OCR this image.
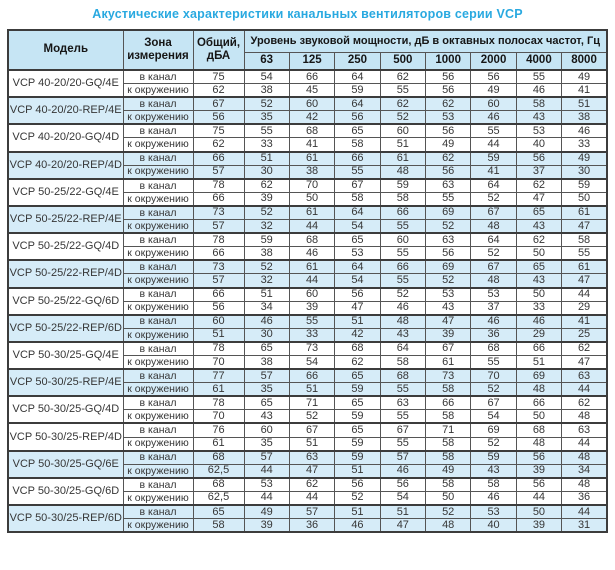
Акустические характеристики канальных вентиляторов серии VCP
Модель	Зона измерения	Общий, дБА	Уровень звуковой мощности, дБ в октавных полосах частот, Гц							
			63	125	250	500	1000	2000	4000	8000
VCP 40-20/20-GQ/4E	в канал	75	54	66	64	62	56	56	55	49
	к окружению	62	38	45	59	55	56	49	46	41
VCP 40-20/20-REP/4E	в канал	67	52	60	64	62	62	60	58	51
	к окружению	56	35	42	56	52	53	46	43	38
VCP 40-20/20-GQ/4D	в канал	75	55	68	65	60	56	55	53	46
	к окружению	62	33	41	58	51	49	44	40	33
VCP 40-20/20-REP/4D	в канал	66	51	61	66	61	62	59	56	49
	к окружению	57	30	38	55	48	56	41	37	30
VCP 50-25/22-GQ/4E	в канал	78	62	70	67	59	63	64	62	59
	к окружению	66	39	50	58	58	55	52	47	50
VCP 50-25/22-REP/4E	в канал	73	52	61	64	66	69	67	65	61
	к окружению	57	32	44	54	55	52	48	43	47
VCP 50-25/22-GQ/4D	в канал	78	59	68	65	60	63	64	62	58
	к окружению	66	38	46	53	55	56	52	50	55
VCP 50-25/22-REP/4D	в канал	73	52	61	64	66	69	67	65	61
	к окружению	57	32	44	54	55	52	48	43	47
VCP 50-25/22-GQ/6D	в канал	66	51	60	56	52	53	53	50	44
	к окружению	56	34	39	47	46	43	37	33	29
VCP 50-25/22-REP/6D	в канал	60	46	55	51	48	47	46	46	41
	к окружению	51	30	33	42	43	39	36	29	25
VCP 50-30/25-GQ/4E	в канал	78	65	73	68	64	67	68	66	62
	к окружению	70	38	54	62	58	61	55	51	47
VCP 50-30/25-REP/4E	в канал	77	57	66	65	68	73	70	69	63
	к окружению	61	35	51	59	55	58	52	48	44
VCP 50-30/25-GQ/4D	в канал	78	65	71	65	63	66	67	66	62
	к окружению	70	43	52	59	55	58	54	50	48
VCP 50-30/25-REP/4D	в канал	76	60	67	65	67	71	69	68	63
	к окружению	61	35	51	59	55	58	52	48	44
VCP 50-30/25-GQ/6E	в канал	68	57	63	59	57	58	59	56	48
	к окружению	62,5	44	47	51	46	49	43	39	34
VCP 50-30/25-GQ/6D	в канал	68	53	62	56	56	58	58	56	48
	к окружению	62,5	44	44	52	54	50	46	44	36
VCP 50-30/25-REP/6D	в канал	65	49	57	51	51	52	53	50	44
	к окружению	58	39	36	46	47	48	40	39	31
